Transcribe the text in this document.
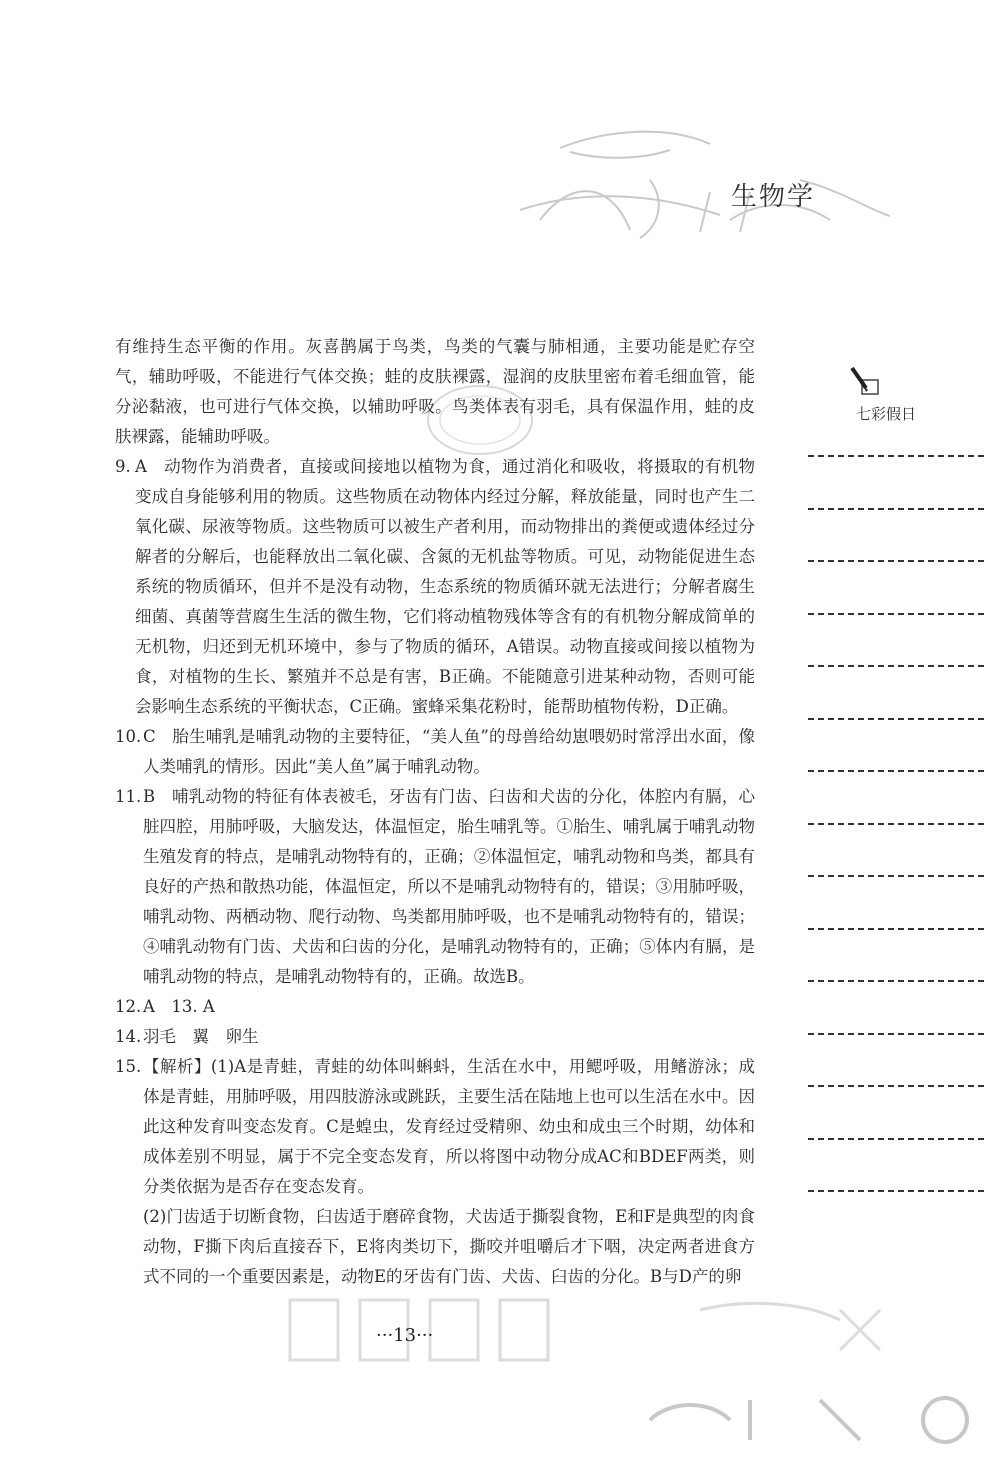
生物学

有维持生态平衡的作用。灰喜鹊属于鸟类，鸟类的气囊与肺相通，主要功能是贮存空气，辅助呼吸，不能进行气体交换；蛙的皮肤裸露，湿润的皮肤里密布着毛细血管，能分泌黏液，也可进行气体交换，以辅助呼吸。鸟类体表有羽毛，具有保温作用，蛙的皮肤裸露，能辅助呼吸。

9. A　动物作为消费者，直接或间接地以植物为食，通过消化和吸收，将摄取的有机物变成自身能够利用的物质。这些物质在动物体内经过分解，释放能量，同时也产生二氧化碳、尿液等物质。这些物质可以被生产者利用，而动物排出的粪便或遗体经过分解者的分解后，也能释放出二氧化碳、含氮的无机盐等物质。可见，动物能促进生态系统的物质循环，但并不是没有动物，生态系统的物质循环就无法进行；分解者腐生细菌、真菌等营腐生生活的微生物，它们将动植物残体等含有的有机物分解成简单的无机物，归还到无机环境中，参与了物质的循环，A错误。动物直接或间接以植物为食，对植物的生长、繁殖并不总是有害，B正确。不能随意引进某种动物，否则可能会影响生态系统的平衡状态，C正确。蜜蜂采集花粉时，能帮助植物传粉，D正确。
10. C　胎生哺乳是哺乳动物的主要特征，“美人鱼”的母兽给幼崽喂奶时常浮出水面，像人类哺乳的情形。因此“美人鱼”属于哺乳动物。
11. B　哺乳动物的特征有体表被毛，牙齿有门齿、臼齿和犬齿的分化，体腔内有膈，心脏四腔，用肺呼吸，大脑发达，体温恒定，胎生哺乳等。①胎生、哺乳属于哺乳动物生殖发育的特点，是哺乳动物特有的，正确；②体温恒定，哺乳动物和鸟类，都具有良好的产热和散热功能，体温恒定，所以不是哺乳动物特有的，错误；③用肺呼吸，哺乳动物、两栖动物、爬行动物、鸟类都用肺呼吸，也不是哺乳动物特有的，错误；④哺乳动物有门齿、犬齿和臼齿的分化，是哺乳动物特有的，正确；⑤体内有膈，是哺乳动物的特点，是哺乳动物特有的，正确。故选B。
12. A　13. A
14. 羽毛　翼　卵生
15. 【解析】(1)A是青蛙，青蛙的幼体叫蝌蚪，生活在水中，用鳃呼吸，用鳍游泳；成体是青蛙，用肺呼吸，用四肢游泳或跳跃，主要生活在陆地上也可以生活在水中。因此这种发育叫变态发育。C是蝗虫，发育经过受精卵、幼虫和成虫三个时期，幼体和成体差别不明显，属于不完全变态发育，所以将图中动物分成AC和BDEF两类，则分类依据为是否存在变态发育。

(2)门齿适于切断食物，臼齿适于磨碎食物，犬齿适于撕裂食物，E和F是典型的肉食动物，F撕下肉后直接吞下，E将肉类切下，撕咬并咀嚼后才下咽，决定两者进食方式不同的一个重要因素是，动物E的牙齿有门齿、犬齿、臼齿的分化。B与D产的卵

七彩假日
···13···
